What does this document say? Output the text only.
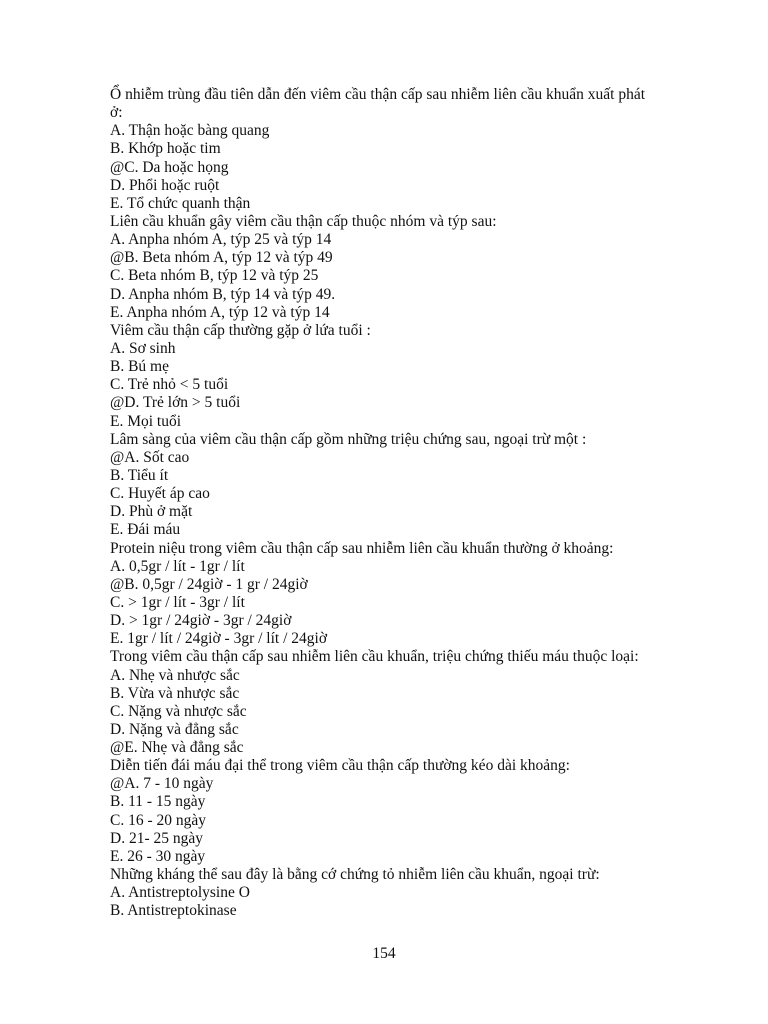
Ổ nhiễm trùng đầu tiên dẫn đến viêm cầu thận cấp sau nhiễm liên cầu khuẩn xuất phát
ở:
A. Thận hoặc bàng quang
B. Khớp hoặc tim
@C. Da hoặc họng
D. Phổi hoặc ruột
E. Tổ chức quanh thận
Liên cầu khuẩn gây viêm cầu thận cấp thuộc nhóm và týp sau:
A. Anpha nhóm A, týp 25 và týp 14
@B. Beta nhóm A, týp 12 và týp 49
C. Beta nhóm B, týp 12 và týp 25
D. Anpha nhóm B, týp 14 và týp 49.
E. Anpha nhóm A, týp 12 và týp 14
Viêm cầu thận cấp thường gặp ở lứa tuổi :
A. Sơ sinh
B. Bú mẹ
C. Trẻ nhỏ < 5 tuổi
@D. Trẻ lớn > 5 tuổi
E. Mọi tuổi
Lâm sàng của viêm cầu thận cấp gồm những triệu chứng sau, ngoại trừ một :
@A. Sốt cao
B. Tiểu ít
C. Huyết áp cao
D. Phù ở mặt
E. Đái máu
Protein niệu trong viêm cầu thận cấp sau nhiễm liên cầu khuẩn thường ở khoảng:
A. 0,5gr / lít - 1gr / lít
@B. 0,5gr / 24giờ - 1 gr / 24giờ
C. > 1gr / lít - 3gr / lít
D. > 1gr / 24giờ - 3gr / 24giờ
E. 1gr / lít / 24giờ - 3gr / lít / 24giờ
Trong viêm cầu thận cấp sau nhiễm liên cầu khuẩn, triệu chứng thiếu máu thuộc loại:
A. Nhẹ và nhược sắc
B. Vừa và nhược sắc
C. Nặng và nhược sắc
D. Nặng và đẳng sắc
@E. Nhẹ và đẳng sắc
Diễn tiến đái máu đại thể trong viêm cầu thận cấp thường kéo dài khoảng:
@A. 7 - 10 ngày
B. 11 - 15 ngày
C. 16 - 20 ngày
D. 21- 25 ngày
E. 26 - 30 ngày
Những kháng thể sau đây là bằng cớ chứng tỏ nhiễm liên cầu khuẩn, ngoại trừ:
A. Antistreptolysine O
B. Antistreptokinase
154
